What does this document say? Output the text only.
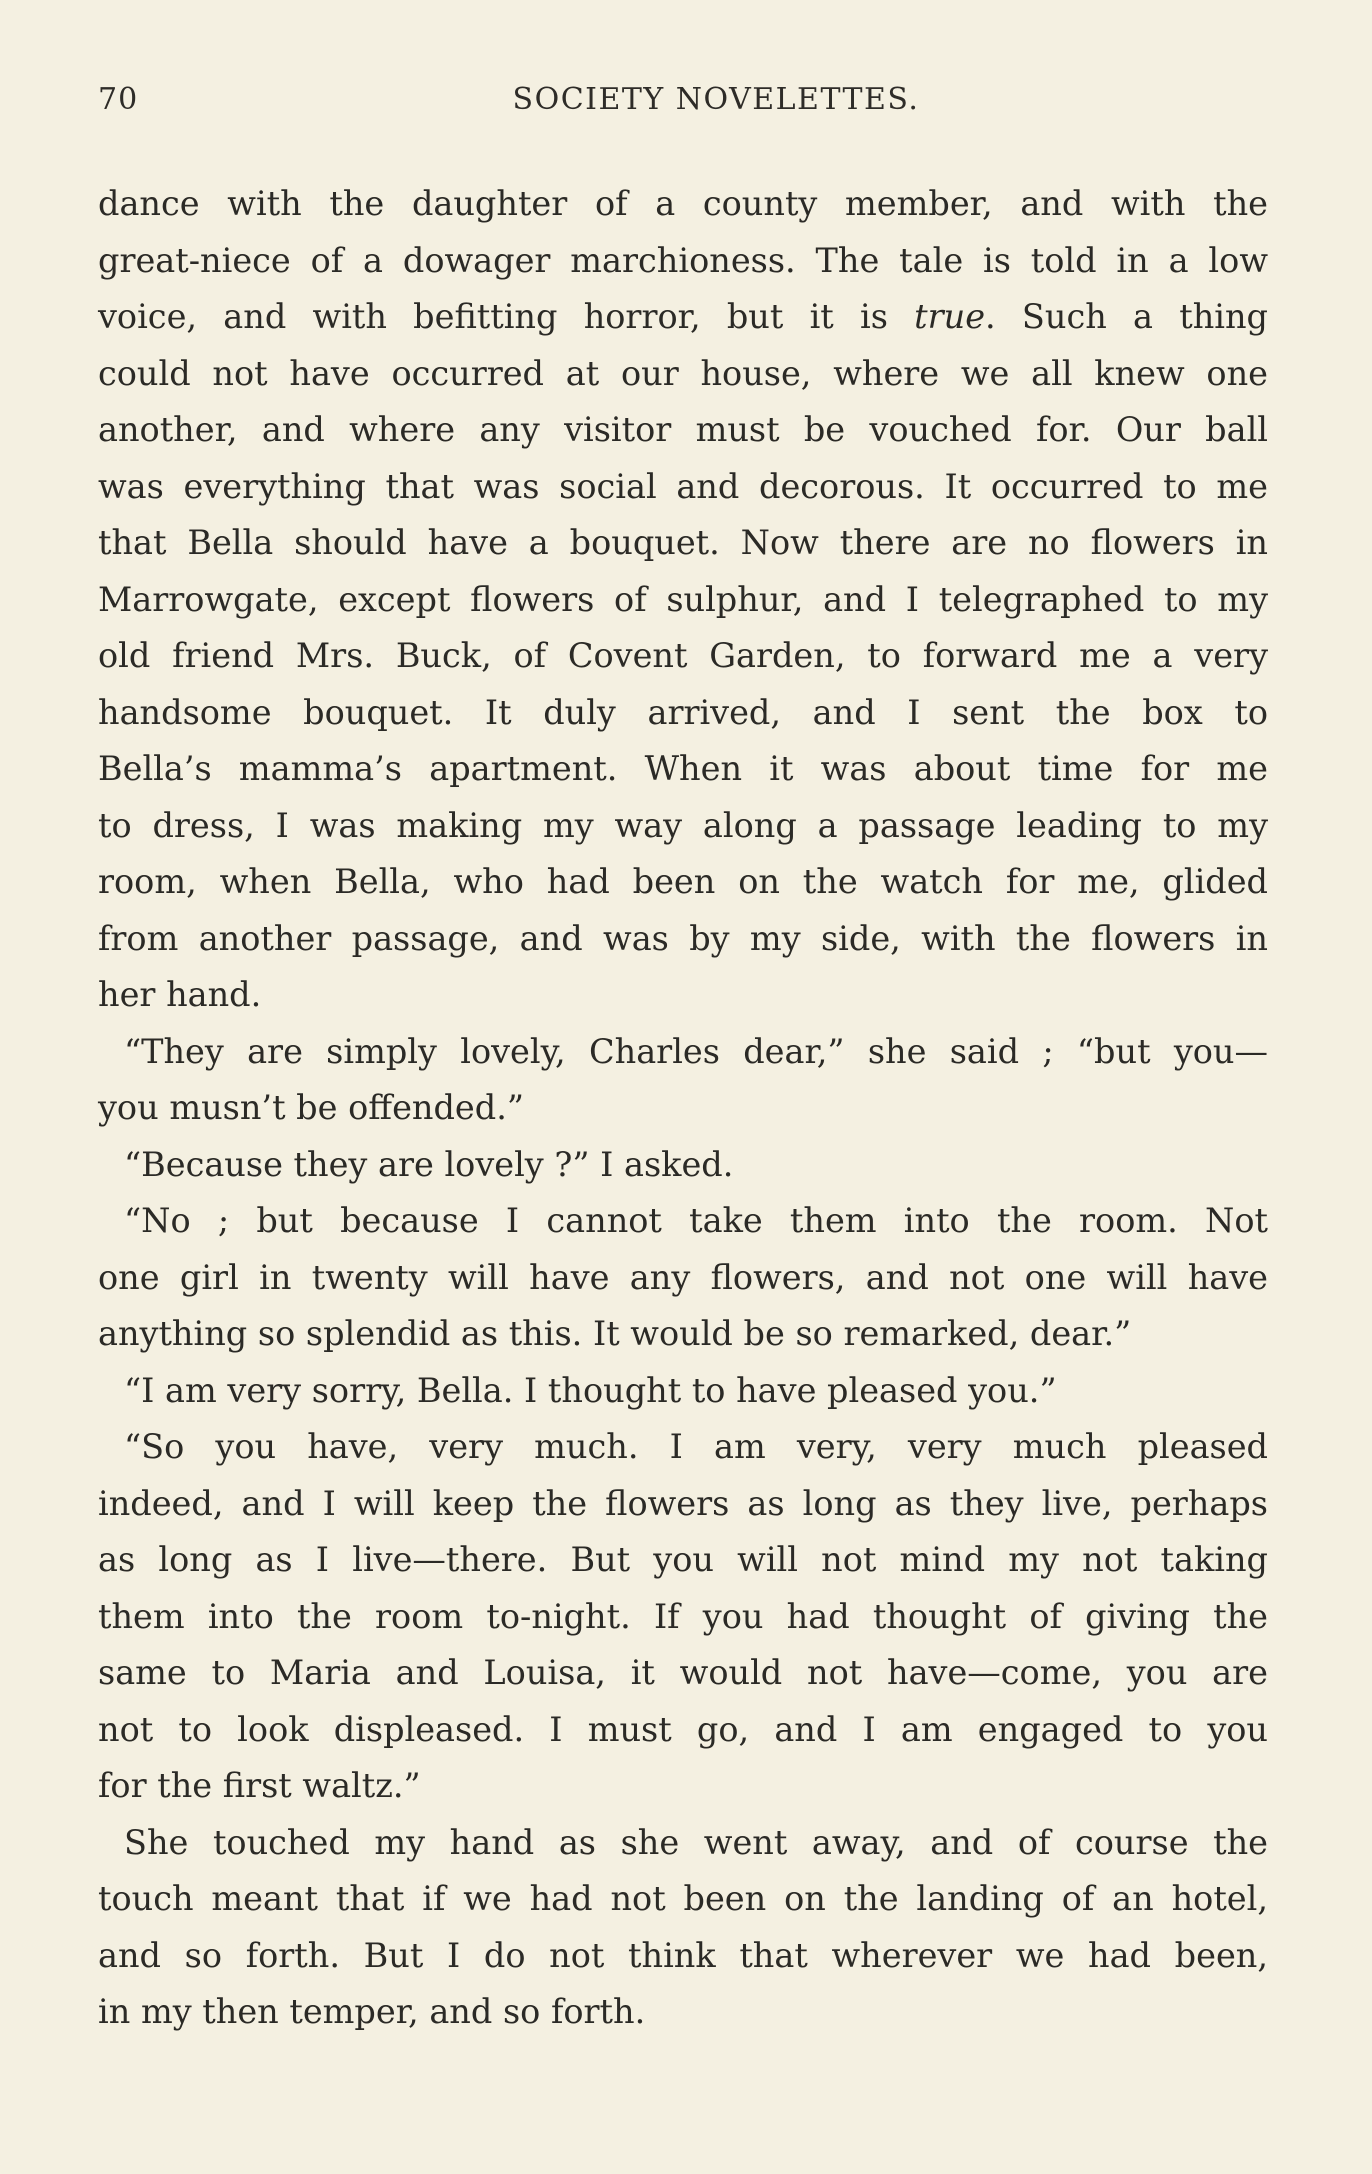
70	SOCIETY NOVELETTES.
dance with the daughter of a county member, and with the
great-niece of a dowager marchioness. The tale is told in a low
voice, and with befitting horror, but it is true. Such a thing
could not have occurred at our house, where we all knew one
another, and where any visitor must be vouched for. Our ball
was everything that was social and decorous. It occurred to me
that Bella should have a bouquet. Now there are no flowers in
Marrowgate, except flowers of sulphur, and I telegraphed to my
old friend Mrs. Buck, of Covent Garden, to forward me a very
handsome bouquet. It duly arrived, and I sent the box to
Bella’s mamma’s apartment. When it was about time for me
to dress, I was making my way along a passage leading to my
room, when Bella, who had been on the watch for me, glided
from another passage, and was by my side, with the flowers in
her hand.
“They are simply lovely, Charles dear,” she said ; “but you—
you musn’t be offended.”
“Because they are lovely ?” I asked.
“No ; but because I cannot take them into the room. Not
one girl in twenty will have any flowers, and not one will have
anything so splendid as this. It would be so remarked, dear.”
“I am very sorry, Bella. I thought to have pleased you.”
“So you have, very much. I am very, very much pleased
indeed, and I will keep the flowers as long as they live, perhaps
as long as I live—there. But you will not mind my not taking
them into the room to-night. If you had thought of giving the
same to Maria and Louisa, it would not have—come, you are
not to look displeased. I must go, and I am engaged to you
for the first waltz.”
She touched my hand as she went away, and of course the
touch meant that if we had not been on the landing of an hotel,
and so forth. But I do not think that wherever we had been,
in my then temper, and so forth.
